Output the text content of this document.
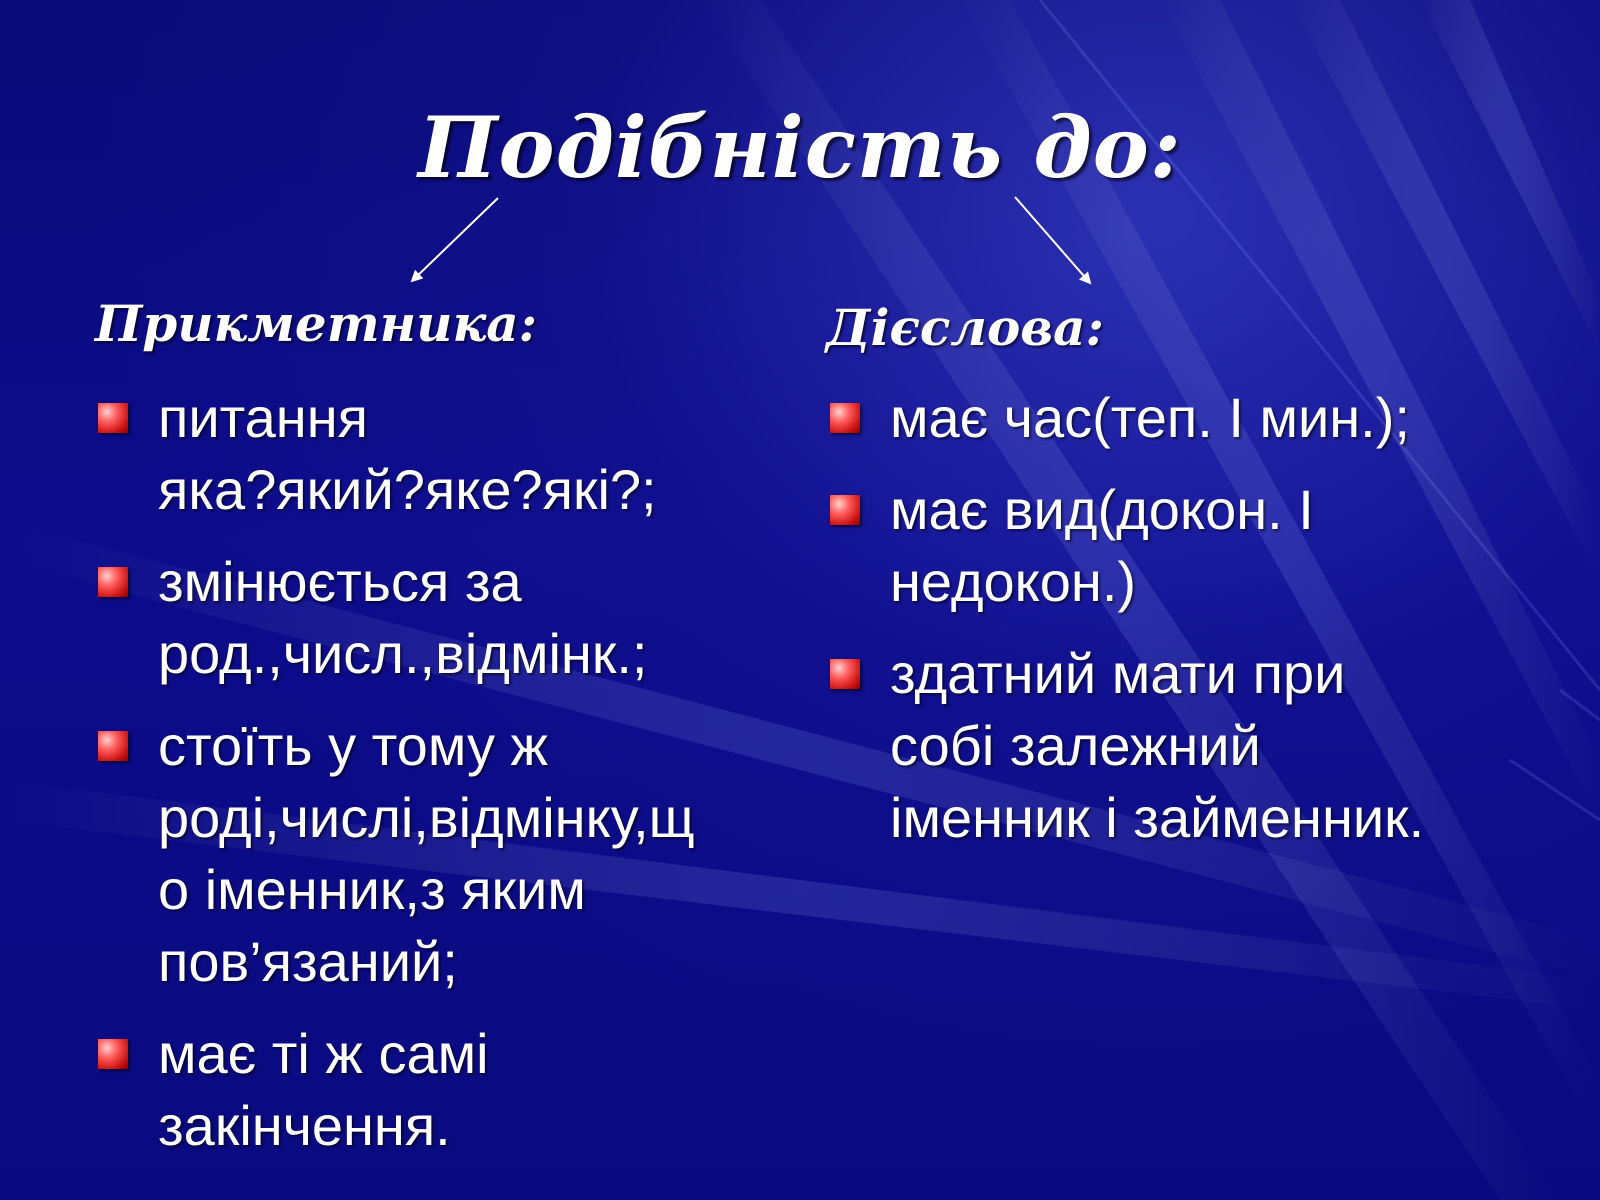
Подібність до:
Прикметника:	Дієслова:
питання
яка?який?яке?які?;
змінюється за
род.,числ.,відмінк.;
стоїть у тому ж
роді,числі,відмінку,щ
о іменник,з яким
пов’язаний;
має ті ж самі
закінчення.
має час(теп. І мин.);
має вид(докон. І
недокон.)
здатний мати при
собі залежний
іменник і займенник.
